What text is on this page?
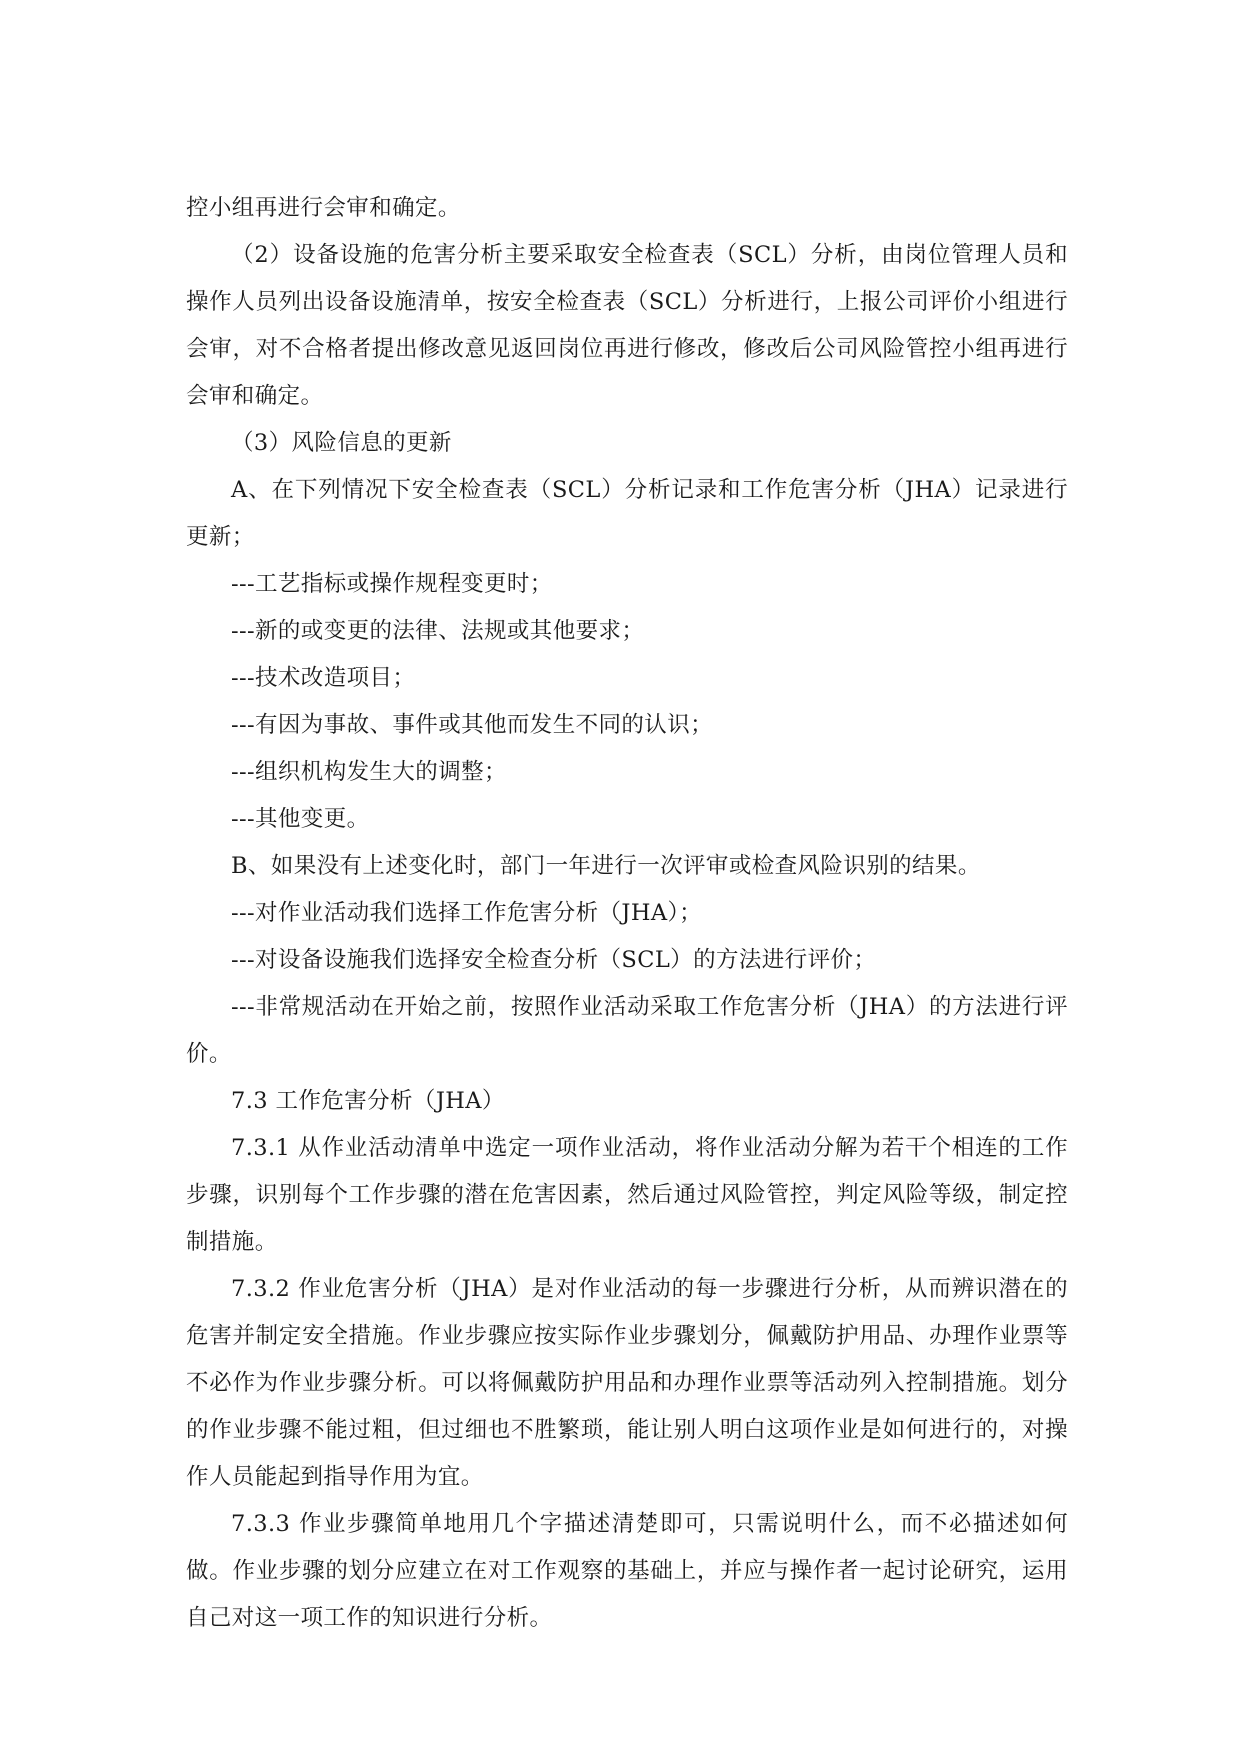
控小组再进行会审和确定。

（2）设备设施的危害分析主要采取安全检查表（SCL）分析，由岗位管理人员和操作人员列出设备设施清单，按安全检查表（SCL）分析进行，上报公司评价小组进行会审，对不合格者提出修改意见返回岗位再进行修改，修改后公司风险管控小组再进行会审和确定。

（3）风险信息的更新

A、在下列情况下安全检查表（SCL）分析记录和工作危害分析（JHA）记录进行更新；

---工艺指标或操作规程变更时；

---新的或变更的法律、法规或其他要求；

---技术改造项目；

---有因为事故、事件或其他而发生不同的认识；

---组织机构发生大的调整；

---其他变更。

B、如果没有上述变化时，部门一年进行一次评审或检查风险识别的结果。

---对作业活动我们选择工作危害分析（JHA）；

---对设备设施我们选择安全检查分析（SCL）的方法进行评价；

---非常规活动在开始之前，按照作业活动采取工作危害分析（JHA）的方法进行评价。

7.3 工作危害分析（JHA）

7.3.1 从作业活动清单中选定一项作业活动，将作业活动分解为若干个相连的工作步骤，识别每个工作步骤的潜在危害因素，然后通过风险管控，判定风险等级，制定控制措施。

7.3.2 作业危害分析（JHA）是对作业活动的每一步骤进行分析，从而辨识潜在的危害并制定安全措施。作业步骤应按实际作业步骤划分，佩戴防护用品、办理作业票等不必作为作业步骤分析。可以将佩戴防护用品和办理作业票等活动列入控制措施。划分的作业步骤不能过粗，但过细也不胜繁琐，能让别人明白这项作业是如何进行的，对操作人员能起到指导作用为宜。

7.3.3 作业步骤简单地用几个字描述清楚即可，只需说明什么，而不必描述如何做。作业步骤的划分应建立在对工作观察的基础上，并应与操作者一起讨论研究，运用自己对这一项工作的知识进行分析。
